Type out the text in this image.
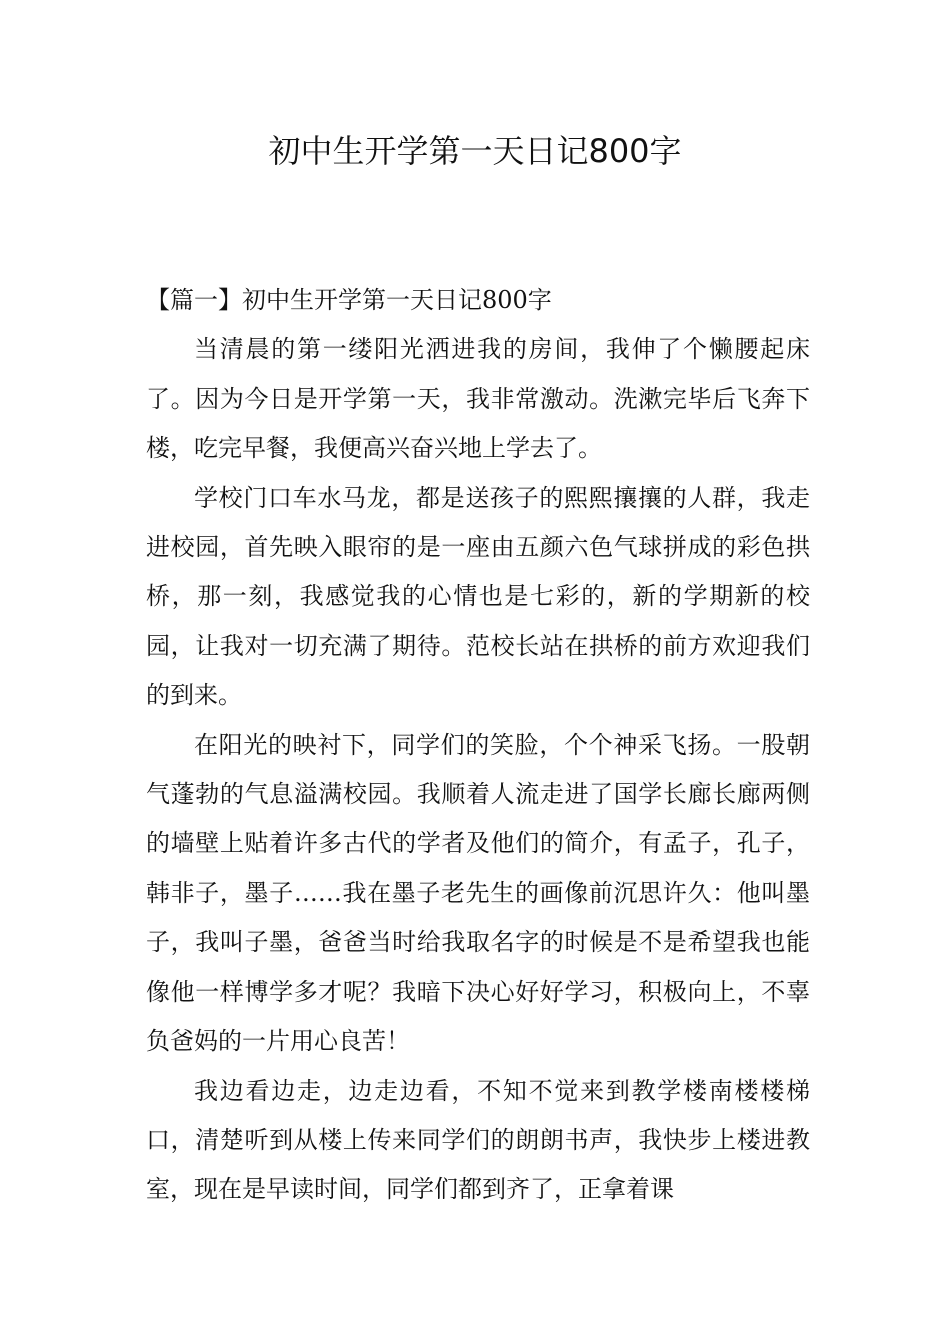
初中生开学第一天日记800字

【篇一】初中生开学第一天日记800字

当清晨的第一缕阳光洒进我的房间，我伸了个懒腰起床了。因为今日是开学第一天，我非常激动。洗漱完毕后飞奔下楼，吃完早餐，我便高兴奋兴地上学去了。

学校门口车水马龙，都是送孩子的熙熙攘攘的人群，我走进校园，首先映入眼帘的是一座由五颜六色气球拼成的彩色拱桥，那一刻，我感觉我的心情也是七彩的，新的学期新的校园，让我对一切充满了期待。范校长站在拱桥的前方欢迎我们的到来。

在阳光的映衬下，同学们的笑脸，个个神采飞扬。一股朝气蓬勃的气息溢满校园。我顺着人流走进了国学长廊长廊两侧的墙壁上贴着许多古代的学者及他们的简介，有孟子，孔子，韩非子，墨子……我在墨子老先生的画像前沉思许久：他叫墨子，我叫子墨，爸爸当时给我取名字的时候是不是希望我也能像他一样博学多才呢？我暗下决心好好学习，积极向上，不辜负爸妈的一片用心良苦！

我边看边走，边走边看，不知不觉来到教学楼南楼楼梯口，清楚听到从楼上传来同学们的朗朗书声，我快步上楼进教室，现在是早读时间，同学们都到齐了，正拿着课
